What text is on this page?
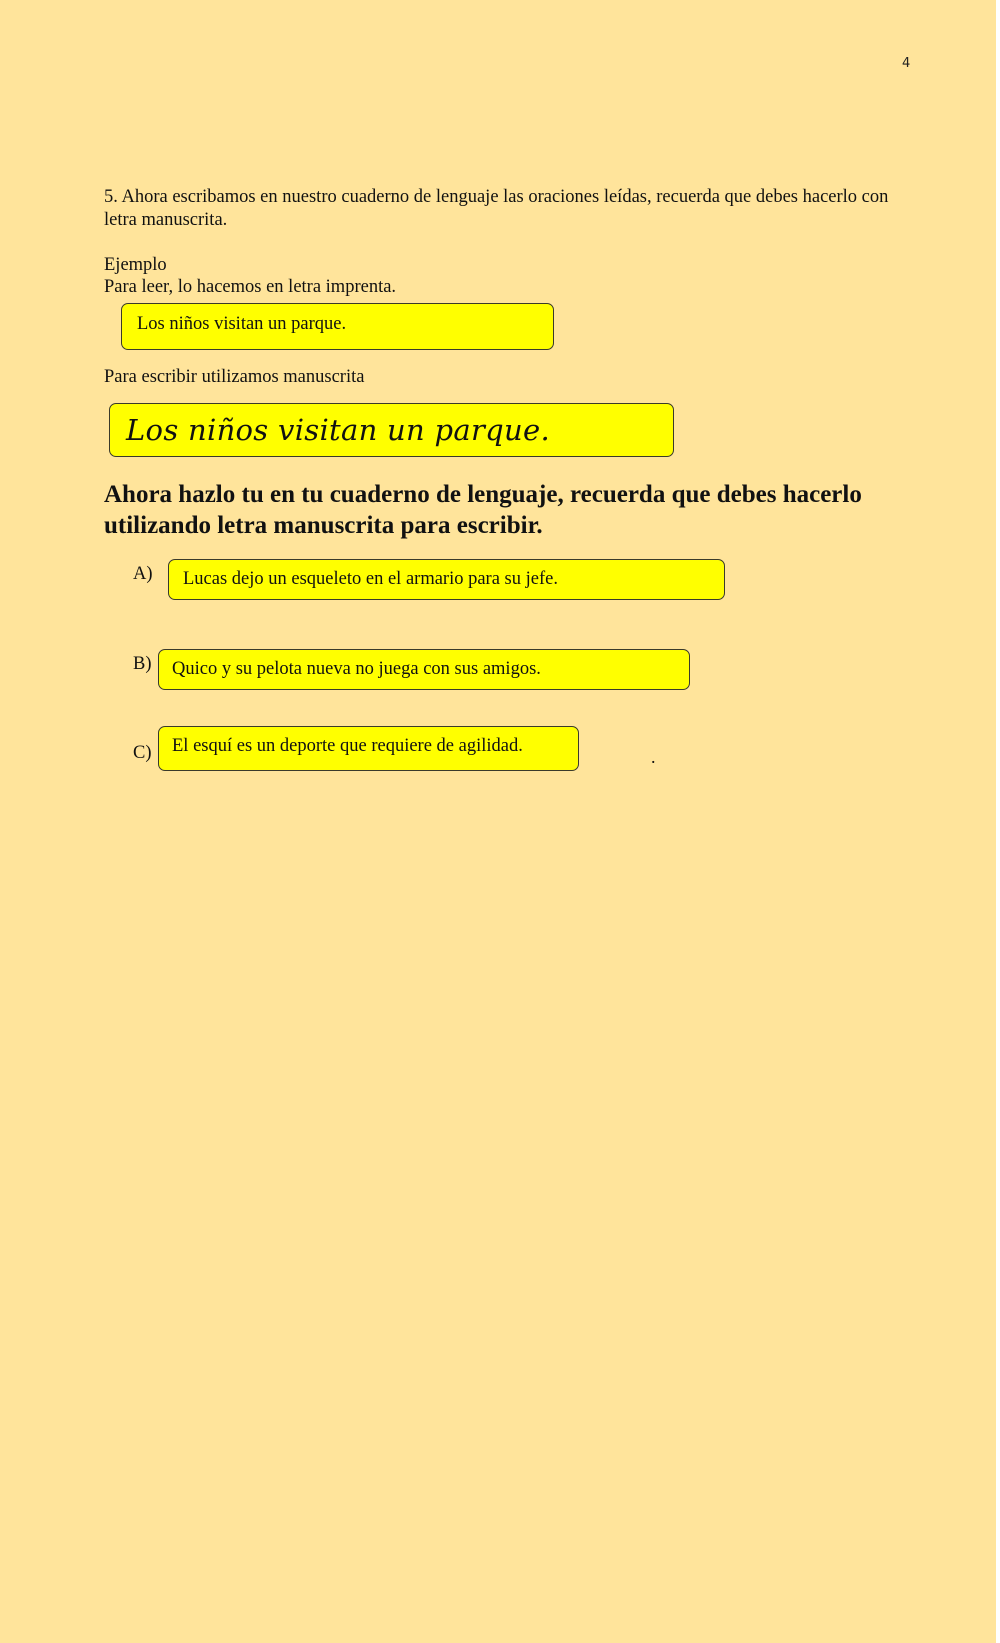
4

5. Ahora escribamos en nuestro cuaderno de lenguaje las oraciones leídas, recuerda que debes hacerlo con letra manuscrita.

Ejemplo
Para leer, lo hacemos en letra imprenta.
Los niños visitan un parque.
Para escribir utilizamos manuscrita
Los niños visitan un parque.

Ahora hazlo tu en tu cuaderno de lenguaje, recuerda que debes hacerlo utilizando letra manuscrita para escribir.

A)	Lucas dejo un esqueleto en el armario para su jefe.
B)	Quico y su pelota nueva no juega con sus amigos.
C)	El esquí es un deporte que requiere de agilidad.
.
